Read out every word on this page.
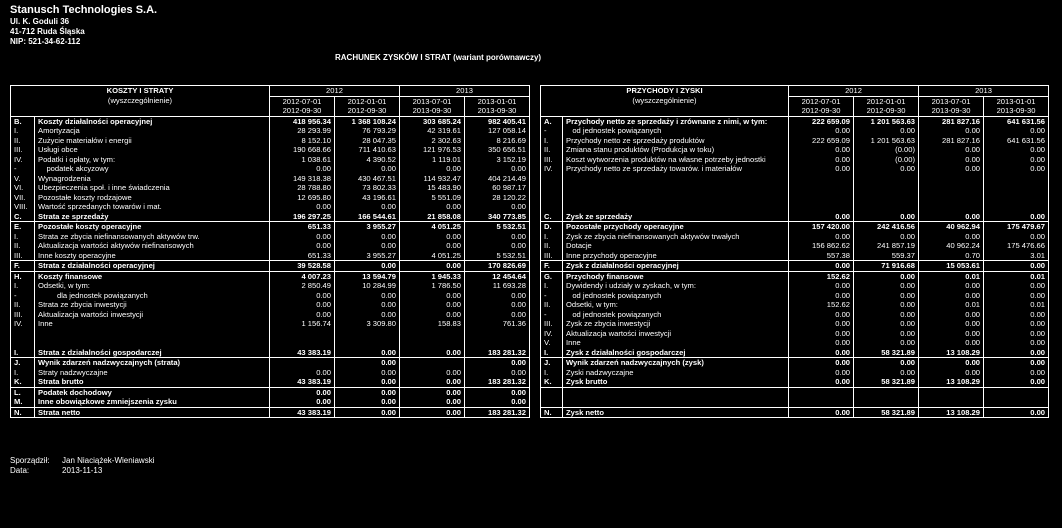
Stanusch Technologies S.A.
Ul. K. Goduli 36
41-712 Ruda Śląska
NIP: 521-34-62-112
RACHUNEK ZYSKÓW I STRAT (wariant porównawczy)
KOSZTY I STRATY		2012		2013	
(wyszczególnienie)		2012-07-01	2012-01-01	2013-07-01	2013-01-01
		2012-09-30	2012-09-30	2013-09-30	2013-09-30
B.	Koszty działalności operacyjnej	418 956.34	1 368 108.24	303 685.24	982 405.41
I.	Amortyzacja	28 293.99	76 793.29	42 319.61	127 058.14
II.	Zużycie materiałów i energii	8 152.10	28 047.35	2 302.63	8 216.69
III.	Usługi obce	190 668.66	711 410.63	121 976.53	350 656.51
IV.	Podatki i opłaty, w tym:	1 038.61	4 390.52	1 119.01	3 152.19
-	podatek akcyzowy	0.00	0.00	0.00	0.00
V.	Wynagrodzenia	149 318.38	430 467.51	114 932.47	404 214.49
VI.	Ubezpieczenia społ. i inne świadczenia	28 788.80	73 802.33	15 483.90	60 987.17
VII.	Pozostałe koszty rodzajowe	12 695.80	43 196.61	5 551.09	28 120.22
VIII.	Wartość sprzedanych towarów i mat.	0.00	0.00	0.00	0.00
C.	Strata ze sprzedaży	196 297.25	166 544.61	21 858.08	340 773.85
E.	Pozostałe koszty operacyjne	651.33	3 955.27	4 051.25	5 532.51
I.	Strata ze zbycia niefinansowanych aktywów trw.	0.00	0.00	0.00	0.00
II.	Aktualizacja wartości aktywów niefinansowych	0.00	0.00	0.00	0.00
III.	Inne koszty operacyjne	651.33	3 955.27	4 051.25	5 532.51
F.	Strata z działalności operacyjnej	39 528.58	0.00	0.00	170 826.69
H.	Koszty finansowe	4 007.23	13 594.79	1 945.33	12 454.64
I.	Odsetki, w tym:	2 850.49	10 284.99	1 786.50	11 693.28
-	dla jednostek powiązanych	0.00	0.00	0.00	0.00
II.	Strata ze zbycia inwestycji	0.00	0.00	0.00	0.00
III.	Aktualizacja wartości inwestycji	0.00	0.00	0.00	0.00
IV.	Inne	1 156.74	3 309.80	158.83	761.36

I.	Strata z działalności gospodarczej	43 383.19	0.00	0.00	183 281.32
J.	Wynik zdarzeń nadzwyczajnych (strata)		0.00		0.00
I.	Straty nadzwyczajne	0.00	0.00	0.00	0.00
K.	Strata brutto	43 383.19	0.00	0.00	183 281.32
L.	Podatek dochodowy	0.00	0.00	0.00	0.00
M.	Inne obowiązkowe zmniejszenia zysku	0.00	0.00	0.00	0.00
N.	Strata netto	43 383.19	0.00	0.00	183 281.32
PRZYCHODY I ZYSKI		2012		2013	
(wyszczególnienie)		2012-07-01	2012-01-01	2013-07-01	2013-01-01
		2012-09-30	2012-09-30	2013-09-30	2013-09-30
A.	Przychody netto ze sprzedaży i zrównane z nimi, w tym:	222 659.09	1 201 563.63	281 827.16	641 631.56
-	od jednostek powiązanych	0.00	0.00	0.00	0.00
I.	Przychody netto ze sprzedaży produktów	222 659.09	1 201 563.63	281 827.16	641 631.56
II.	Zmiana stanu produktów (Produkcja w toku)	0.00	(0.00)	0.00	0.00
III.	Koszt wytworzenia produktów na własne potrzeby jednostki	0.00	(0.00)	0.00	0.00
IV.	Przychody netto ze sprzedaży towarów. i materiałów	0.00	0.00	0.00	0.00

C.	Zysk ze sprzedaży	0.00	0.00	0.00	0.00
D.	Pozostałe przychody operacyjne	157 420.00	242 416.56	40 962.94	175 479.67
I.	Zysk ze zbycia niefinansowanych aktywów trwałych	0.00	0.00	0.00	0.00
II.	Dotacje	156 862.62	241 857.19	40 962.24	175 476.66
III.	Inne przychody operacyjne	557.38	559.37	0.70	3.01
F.	Zysk z działalności operacyjnej	0.00	71 916.68	15 053.61	0.00
G.	Przychody finansowe	152.62	0.00	0.01	0.01
I.	Dywidendy i udziały w zyskach, w tym:	0.00	0.00	0.00	0.00
-	od jednostek powiązanych	0.00	0.00	0.00	0.00
II.	Odsetki, w tym:	152.62	0.00	0.01	0.01
-	od jednostek powiązanych	0.00	0.00	0.00	0.00
III.	Zysk ze zbycia inwestycji	0.00	0.00	0.00	0.00
IV.	Aktualizacja wartości inwestycji	0.00	0.00	0.00	0.00
V.	Inne	0.00	0.00	0.00	0.00
I.	Zysk z działalności gospodarczej	0.00	58 321.89	13 108.29	0.00
J.	Wynik zdarzeń nadzwyczajnych (zysk)	0.00	0.00	0.00	0.00
I.	Zyski nadzwyczajne	0.00	0.00	0.00	0.00
K.	Zysk brutto	0.00	58 321.89	13 108.29	0.00

N.	Zysk netto	0.00	58 321.89	13 108.29	0.00
Sporządził: Jan Niaciążek-Wieniawski
Data:	2013-11-13
